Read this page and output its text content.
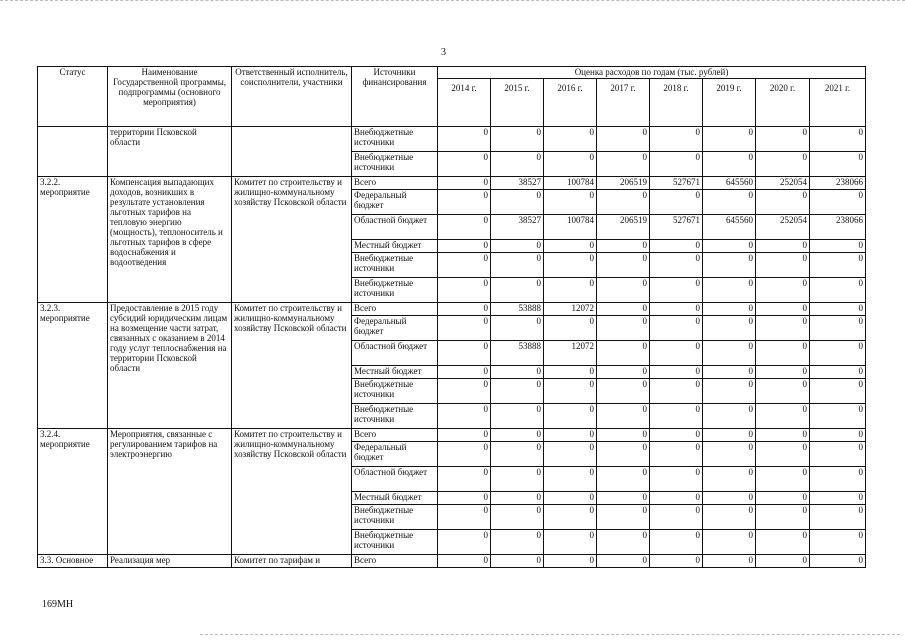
3
Статус	Наименование Государственной программы, подпрограммы (основного мероприятия)	Ответственный исполнитель, соисполнители, участники	Источники финансирования	Оценка расходов по годам (тыс. рублей)							
				2014 г.	2015 г.	2016 г.	2017 г.	2018 г.	2019 г.	2020 г.	2021 г.
	территории Псковской области		Внебюджетные источники	0	0	0	0	0	0	0	0
			Внебюджетные источники	0	0	0	0	0	0	0	0
3.2.2. мероприятие	Компенсация выпадающих доходов, возникших в результате установления льготных тарифов на тепловую энергию (мощность), теплоноситель и льготных тарифов в сфере водоснабжения и водоотведения	Комитет по строительству и жилищно-коммунальному хозяйству Псковской области	Всего	0	38527	100784	206519	527671	645560	252054	238066
			Федеральный бюджет	0	0	0	0	0	0	0	0
			Областной бюджет	0	38527	100784	206519	527671	645560	252054	238066
			Местный бюджет	0	0	0	0	0	0	0	0
			Внебюджетные источники	0	0	0	0	0	0	0	0
			Внебюджетные источники	0	0	0	0	0	0	0	0
3.2.3. мероприятие	Предоставление в 2015 году субсидий юридическим лицам на возмещение части затрат, связанных с оказанием в 2014 году услуг теплоснабжения на территории Псковской области	Комитет по строительству и жилищно-коммунальному хозяйству Псковской области	Всего	0	53888	12072	0	0	0	0	0
			Федеральный бюджет	0	0	0	0	0	0	0	0
			Областной бюджет	0	53888	12072	0	0	0	0	0
			Местный бюджет	0	0	0	0	0	0	0	0
			Внебюджетные источники	0	0	0	0	0	0	0	0
			Внебюджетные источники	0	0	0	0	0	0	0	0
3.2.4. мероприятие	Мероприятия, связанные с регулированием тарифов на электроэнергию	Комитет по строительству и жилищно-коммунальному хозяйству Псковской области	Всего	0	0	0	0	0	0	0	0
			Федеральный бюджет	0	0	0	0	0	0	0	0
			Областной бюджет	0	0	0	0	0	0	0	0
			Местный бюджет	0	0	0	0	0	0	0	0
			Внебюджетные источники	0	0	0	0	0	0	0	0
			Внебюджетные источники	0	0	0	0	0	0	0	0
3.3. Основное	Реализация мер	Комитет по тарифам и	Всего	0	0	0	0	0	0	0	0
169МН
